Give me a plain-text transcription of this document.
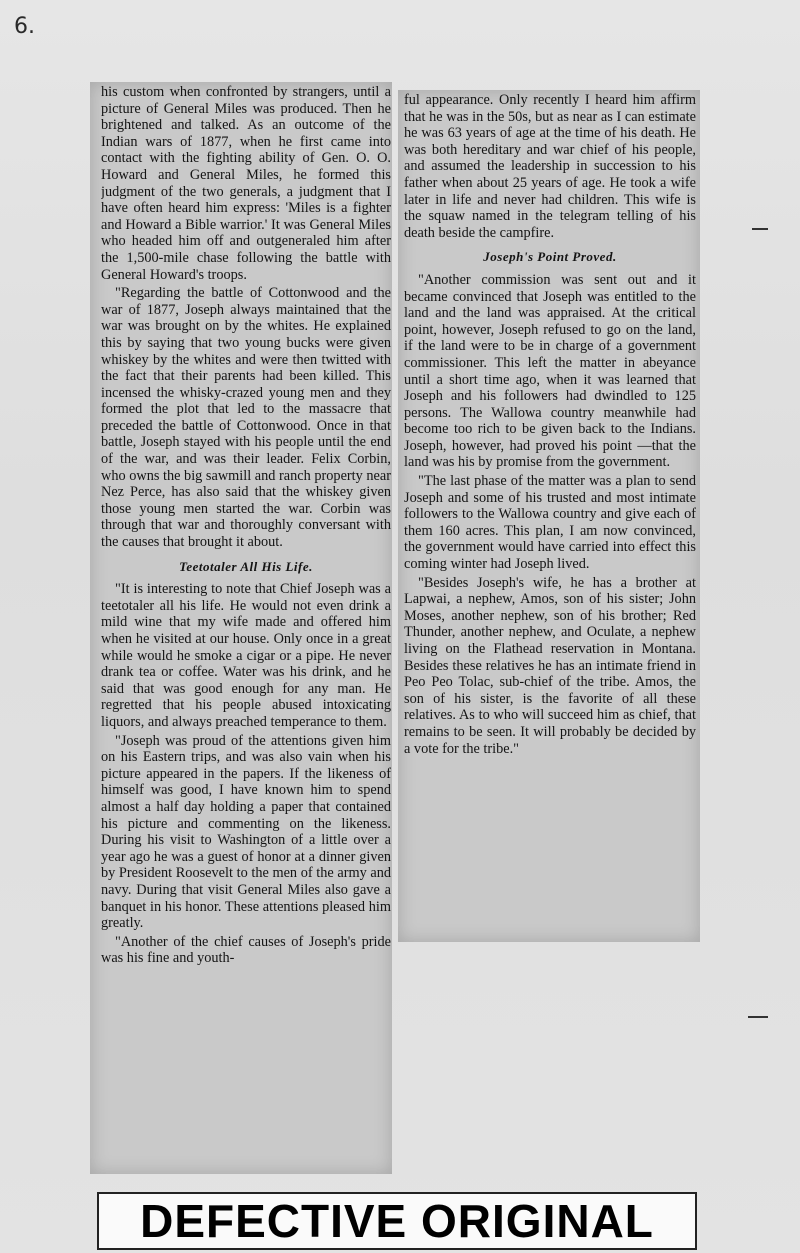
6.

his custom when confronted by strangers, until a picture of General Miles was produced. Then he brightened and talked. As an outcome of the Indian wars of 1877, when he first came into contact with the fighting ability of Gen. O. O. Howard and General Miles, he formed this judgment of the two generals, a judgment that I have often heard him express: 'Miles is a fighter and Howard a Bible warrior.' It was General Miles who headed him off and outgeneraled him after the 1,500-mile chase following the battle with General Howard's troops.

"Regarding the battle of Cottonwood and the war of 1877, Joseph always maintained that the war was brought on by the whites. He explained this by saying that two young bucks were given whiskey by the whites and were then twitted with the fact that their parents had been killed. This incensed the whisky-crazed young men and they formed the plot that led to the massacre that preceded the battle of Cottonwood. Once in that battle, Joseph stayed with his people until the end of the war, and was their leader. Felix Corbin, who owns the big sawmill and ranch property near Nez Perce, has also said that the whiskey given those young men started the war. Corbin was through that war and thoroughly conversant with the causes that brought it about.

Teetotaler All His Life.

"It is interesting to note that Chief Joseph was a teetotaler all his life. He would not even drink a mild wine that my wife made and offered him when he visited at our house. Only once in a great while would he smoke a cigar or a pipe. He never drank tea or coffee. Water was his drink, and he said that was good enough for any man. He regretted that his people abused intoxicating liquors, and always preached temperance to them.

"Joseph was proud of the attentions given him on his Eastern trips, and was also vain when his picture appeared in the papers. If the likeness of himself was good, I have known him to spend almost a half day holding a paper that contained his picture and commenting on the likeness. During his visit to Washington of a little over a year ago he was a guest of honor at a dinner given by President Roosevelt to the men of the army and navy. During that visit General Miles also gave a banquet in his honor. These attentions pleased him greatly.

"Another of the chief causes of Joseph's pride was his fine and youth-

ful appearance. Only recently I heard him affirm that he was in the 50s, but as near as I can estimate he was 63 years of age at the time of his death. He was both hereditary and war chief of his people, and assumed the leadership in succession to his father when about 25 years of age. He took a wife later in life and never had children. This wife is the squaw named in the telegram telling of his death beside the campfire.

Joseph's Point Proved.

"Another commission was sent out and it became convinced that Joseph was entitled to the land and the land was appraised. At the critical point, however, Joseph refused to go on the land, if the land were to be in charge of a government commissioner. This left the matter in abeyance until a short time ago, when it was learned that Joseph and his followers had dwindled to 125 persons. The Wallowa country meanwhile had become too rich to be given back to the Indians. Joseph, however, had proved his point —that the land was his by promise from the government.

"The last phase of the matter was a plan to send Joseph and some of his trusted and most intimate followers to the Wallowa country and give each of them 160 acres. This plan, I am now convinced, the government would have carried into effect this coming winter had Joseph lived.

"Besides Joseph's wife, he has a brother at Lapwai, a nephew, Amos, son of his sister; John Moses, another nephew, son of his brother; Red Thunder, another nephew, and Oculate, a nephew living on the Flathead reservation in Montana. Besides these relatives he has an intimate friend in Peo Peo Tolac, sub-chief of the tribe. Amos, the son of his sister, is the favorite of all these relatives. As to who will succeed him as chief, that remains to be seen. It will probably be decided by a vote for the tribe."

DEFECTIVE ORIGINAL
